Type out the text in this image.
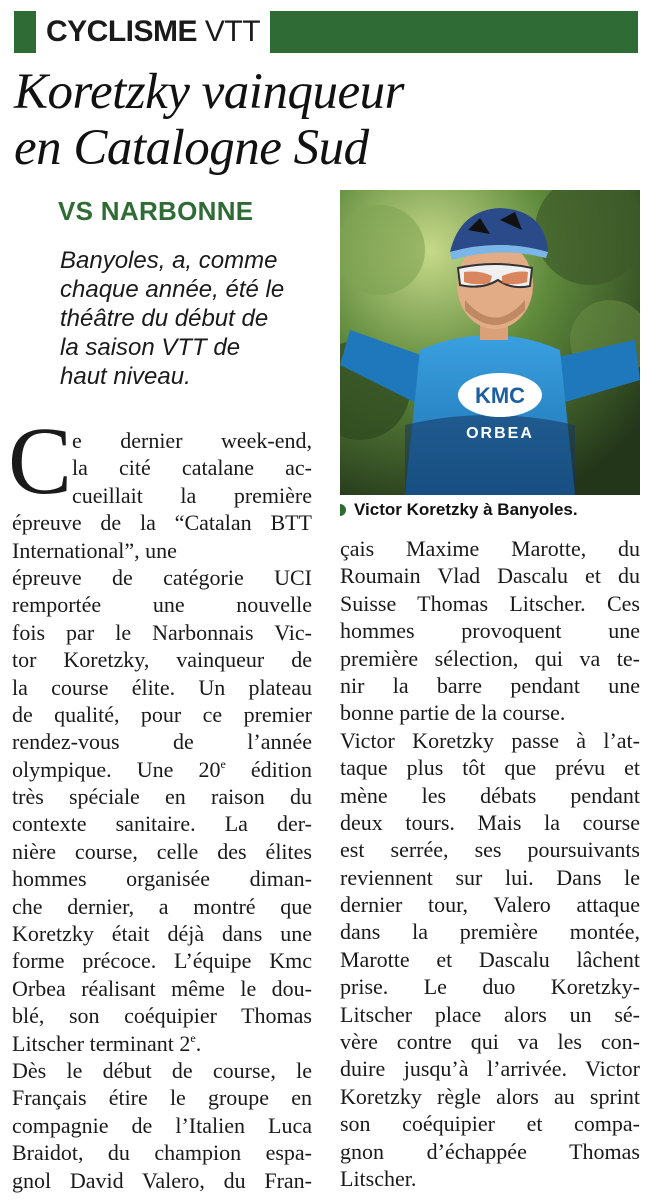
CYCLISME VTT
Koretzky vainqueur
en Catalogne Sud
VS NARBONNE
Banyoles, a, comme
chaque année, été le
théâtre du début de
la saison VTT de
haut niveau.
KMC
ORBEA
Victor Koretzky à Banyoles.
C e dernier week-end,
la cité catalane ac-
cueillait la première
épreuve de la “Catalan BTT
International”, une
épreuve de catégorie UCI
remportée une nouvelle
fois par le Narbonnais Vic-
tor Koretzky, vainqueur de
la course élite. Un plateau
de qualité, pour ce premier
rendez-vous de l’année
olympique. Une 20e édition
très spéciale en raison du
contexte sanitaire. La der-
nière course, celle des élites
hommes organisée diman-
che dernier, a montré que
Koretzky était déjà dans une
forme précoce. L’équipe Kmc
Orbea réalisant même le dou-
blé, son coéquipier Thomas
Litscher terminant 2e.
Dès le début de course, le
Français étire le groupe en
compagnie de l’Italien Luca
Braidot, du champion espa-
gnol David Valero, du Fran-
çais Maxime Marotte, du
Roumain Vlad Dascalu et du
Suisse Thomas Litscher. Ces
hommes provoquent une
première sélection, qui va te-
nir la barre pendant une
bonne partie de la course.
Victor Koretzky passe à l’at-
taque plus tôt que prévu et
mène les débats pendant
deux tours. Mais la course
est serrée, ses poursuivants
reviennent sur lui. Dans le
dernier tour, Valero attaque
dans la première montée,
Marotte et Dascalu lâchent
prise. Le duo Koretzky-
Litscher place alors un sé-
vère contre qui va les con-
duire jusqu’à l’arrivée. Victor
Koretzky règle alors au sprint
son coéquipier et compa-
gnon d’échappée Thomas
Litscher.
